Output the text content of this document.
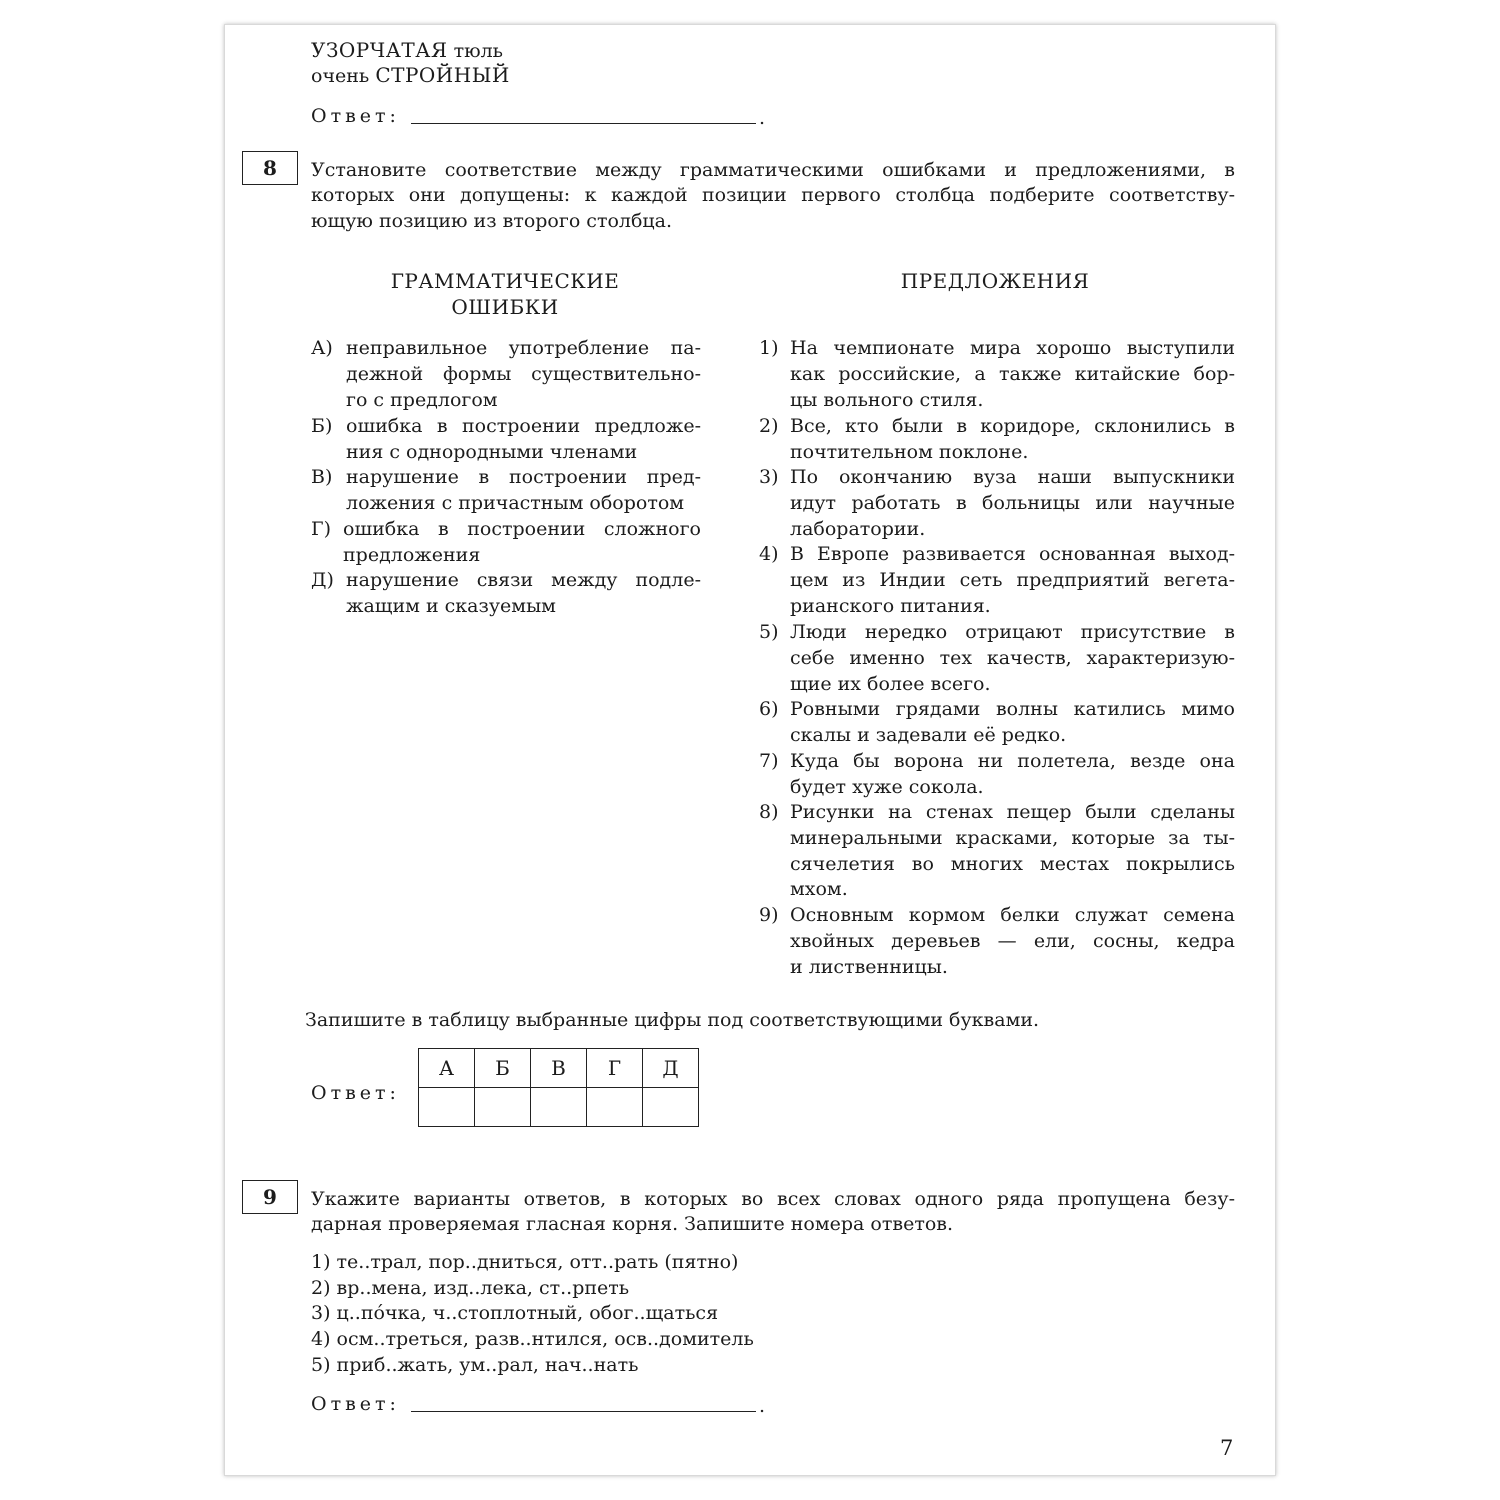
УЗОРЧАТАЯ тюль
очень СТРОЙНЫЙ
Ответ:	.
8	Установите соответствие между грамматическими ошибками и предложениями, в
которых они допущены: к каждой позиции первого столбца подберите соответству-
ющую позицию из второго столбца.
ГРАММАТИЧЕСКИЕ
ОШИБКИ
ПРЕДЛОЖЕНИЯ
А) неправильное употребление па-
дежной формы существительно-
го с предлогом
Б) ошибка в построении предложе-
ния с однородными членами
В) нарушение в построении пред-
ложения с причастным оборотом
Г) ошибка в построении сложного
предложения
Д) нарушение связи между подле-
жащим и сказуемым
1) На чемпионате мира хорошо выступили
как российские, а также китайские бор-
цы вольного стиля.
2) Все, кто были в коридоре, склонились в
почтительном поклоне.
3) По окончанию вуза наши выпускники
идут работать в больницы или научные
лаборатории.
4) В Европе развивается основанная выход-
цем из Индии сеть предприятий вегета-
рианского питания.
5) Люди нередко отрицают присутствие в
себе именно тех качеств, характеризую-
щие их более всего.
6) Ровными грядами волны катились мимо
скалы и задевали её редко.
7) Куда бы ворона ни полетела, везде она
будет хуже сокола.
8) Рисунки на стенах пещер были сделаны
минеральными красками, которые за ты-
сячелетия во многих местах покрылись
мхом.
9) Основным кормом белки служат семена
хвойных деревьев — ели, сосны, кедра
и лиственницы.
Запишите в таблицу выбранные цифры под соответствующими буквами.
Ответ:
А	Б	В	Г	Д

9	Укажите варианты ответов, в которых во всех словах одного ряда пропущена безу-
дарная проверяемая гласная корня. Запишите номера ответов.
1) те..трал, пор..дниться, отт..рать (пятно)
2) вр..мена, изд..лека, ст..рпеть
3) ц..по́чка, ч..стоплотный, обог..щаться
4) осм..треться, разв..нтился, осв..домитель
5) приб..жать, ум..рал, нач..нать
Ответ:	.
7
